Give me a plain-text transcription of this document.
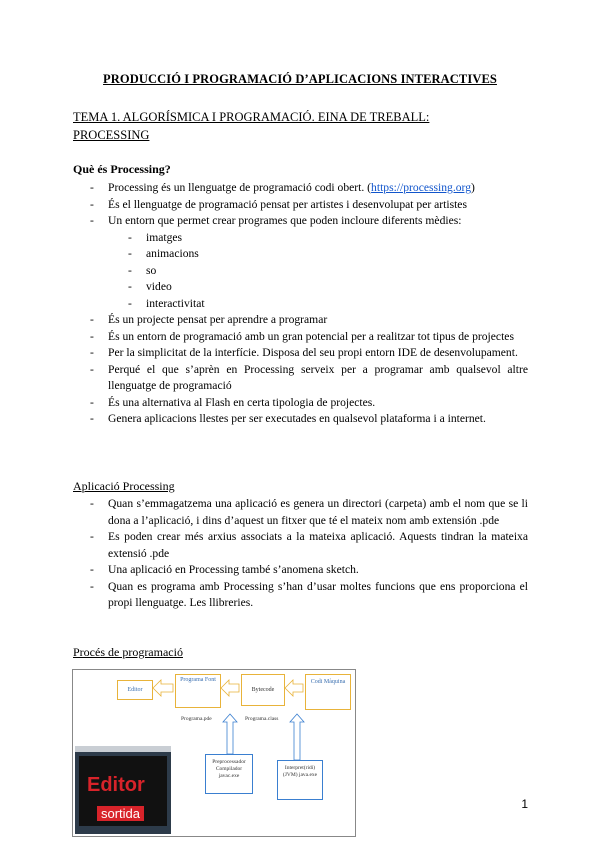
PRODUCCIÓ I PROGRAMACIÓ D’APLICACIONS INTERACTIVES
TEMA 1. ALGORÍSMICA I PROGRAMACIÓ. EINA DE TREBALL: PROCESSING
Què és Processing?
- Processing és un llenguatge de programació codi obert. (https://processing.org)
- És el llenguatge de programació pensat per artistes i desenvolupat per artistes
- Un entorn que permet crear programes que poden incloure diferents mèdies:
- imatges
- animacions
- so
- video
- interactivitat
- És un projecte pensat per aprendre a programar
- És un entorn de programació amb un gran potencial per a realitzar tot tipus de projectes
- Per la simplicitat de la interfície. Disposa del seu propi entorn IDE de desenvolupament.
- Perqué el que s’aprèn en Processing serveix per a programar amb qualsevol altre llenguatge de programació
- És una alternativa al Flash en certa tipologia de projectes.
- Genera aplicacions llestes per ser executades en qualsevol plataforma i a internet.
Aplicació Processing
- Quan s’emmagatzema una aplicació es genera un directori (carpeta) amb el nom que se li dona a l’aplicació, i dins d’aquest un fitxer que té el mateix nom amb extensión .pde
- Es poden crear més arxius associats a la mateixa aplicació. Aquests tindran la mateixa extensió .pde
- Una aplicació en Processing també s’anomena sketch.
- Quan es programa amb Processing s’han d’usar moltes funcions que ens proporciona el propi llenguatge. Les llibreries.
Procés de programació
Editor
Programa Font
Bytecode
Codi Màquina
Programa.pde	Programa.class
Preprocessador Compilador javac.exe
Interpret(ridi) (JVM) java.exe
Editor
sortida
1
